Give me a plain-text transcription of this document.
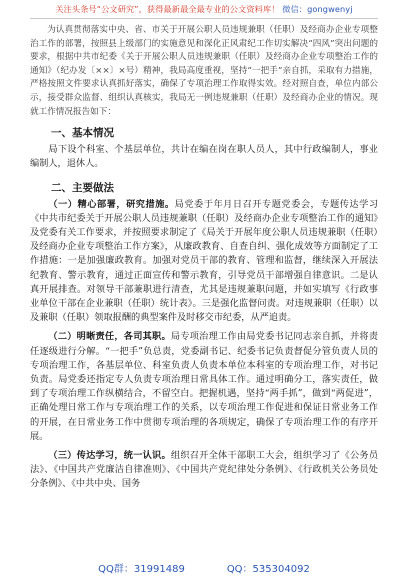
关注头条号“公文研究”，获得最新最全最专业的公文资料库！ 微信：gongwenyj

为认真贯彻落实中央、省、市关于开展公职人员违规兼职（任职）及经商办企业专项整治工作的部署，按照县上级部门的实施意见和深化正风肃纪工作切实解决“四风”突出问题的要求，根据中共市纪委《关于开展公职人员违规兼职（任职）及经商办企业专项整治工作的通知》（纪办发〔××〕×号）精神，我局高度重视，坚持“一把手”亲自抓，采取有力措施，严格按照文件要求认真抓好落实，确保了专项治理工作取得实效。经对照自查，单位内部公示，接受群众监督、组织认真核实，我局无一例违规兼职（任职）及经商办企业的情况。现就工作情况报告如下：

一、基本情况

局下设个科室、个基层单位，共计在编在岗在职人员人，其中行政编制人，事业编制人，退休人。

二、主要做法

（一）精心部署，研究措施。局党委于年月日召开专题党委会，专题传达学习《中共市纪委关于开展公职人员违规兼职（任职）及经商办企业专项整治工作的通知》及党委有关工作要求，并按照要求制定了《局关于开展年度公职人员违规兼职（任职）及经商办企业专项整治工作方案》，从廉政教育、自查自纠、强化成效等方面制定了工作措施：一是加强廉政教育。加强对党员干部的教育、管理和监督，继续深入开展法纪教育、警示教育，通过正面宣传和警示教育，引导党员干部增强自律意识。二是认真开展排查。对领导干部兼职进行清查，尤其是违规兼职问题，并如实填写《行政事业单位干部在企业兼职（任职）统计表》。三是强化监督问责。对违规兼职（任职）以及兼职（任职）领取报酬的典型案件及时移交市纪委，从严追责。

（二）明晰责任，各司其职。局专项治理工作由局党委书记同志亲自抓，并将责任逐级进行分解。“一把手”负总责，党委副书记、纪委书记负责督促分管负责人员的专项治理工作，各基层单位、科室负责人负责本单位本科室的专项治理工作，对书记负责。局党委还指定专人负责专项治理日常具体工作。通过明确分工，落实责任，做到了专项治理工作纵横结合，不留空白。把握机遇，坚持“两手抓”，做到“两促进”，正确处理日常工作与专项治理工作的关系，以专项治理工作促进和保证日常业务工作的开展，在日常业务工作中贯彻专项治理的各项规定，确保了专项治理工作的有序开展。

（三）传达学习，统一认识。组织召开全体干部职工大会，组织学习了《公务员法》、《中国共产党廉洁自律准则》、《中国共产党纪律处分条例》、《行政机关公务员处分条例》、《中共中央、国务

QQ群：31991489	QQ：535304092
